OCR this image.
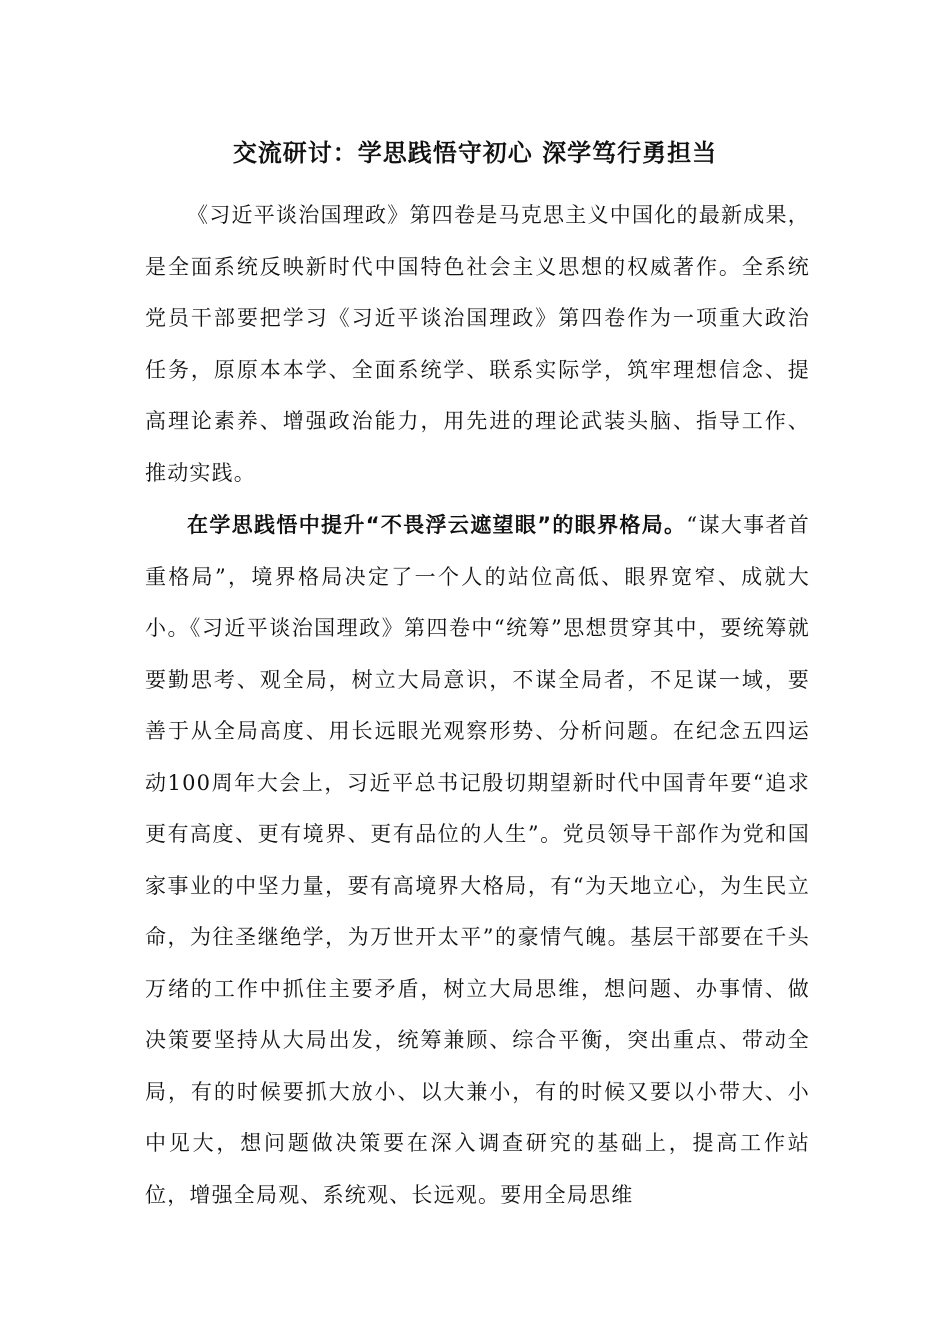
交流研讨：学思践悟守初心 深学笃行勇担当

《习近平谈治国理政》第四卷是马克思主义中国化的最新成果，是全面系统反映新时代中国特色社会主义思想的权威著作。全系统党员干部要把学习《习近平谈治国理政》第四卷作为一项重大政治任务，原原本本学、全面系统学、联系实际学，筑牢理想信念、提高理论素养、增强政治能力，用先进的理论武装头脑、指导工作、推动实践。

在学思践悟中提升“不畏浮云遮望眼”的眼界格局。“谋大事者首重格局”，境界格局决定了一个人的站位高低、眼界宽窄、成就大小。《习近平谈治国理政》第四卷中“统筹”思想贯穿其中，要统筹就要勤思考、观全局，树立大局意识，不谋全局者，不足谋一域，要善于从全局高度、用长远眼光观察形势、分析问题。在纪念五四运动100周年大会上，习近平总书记殷切期望新时代中国青年要“追求更有高度、更有境界、更有品位的人生”。党员领导干部作为党和国家事业的中坚力量，要有高境界大格局，有“为天地立心，为生民立命，为往圣继绝学，为万世开太平”的豪情气魄。基层干部要在千头万绪的工作中抓住主要矛盾，树立大局思维，想问题、办事情、做决策要坚持从大局出发，统筹兼顾、综合平衡，突出重点、带动全局，有的时候要抓大放小、以大兼小，有的时候又要以小带大、小中见大，想问题做决策要在深入调查研究的基础上，提高工作站位，增强全局观、系统观、长远观。要用全局思维
